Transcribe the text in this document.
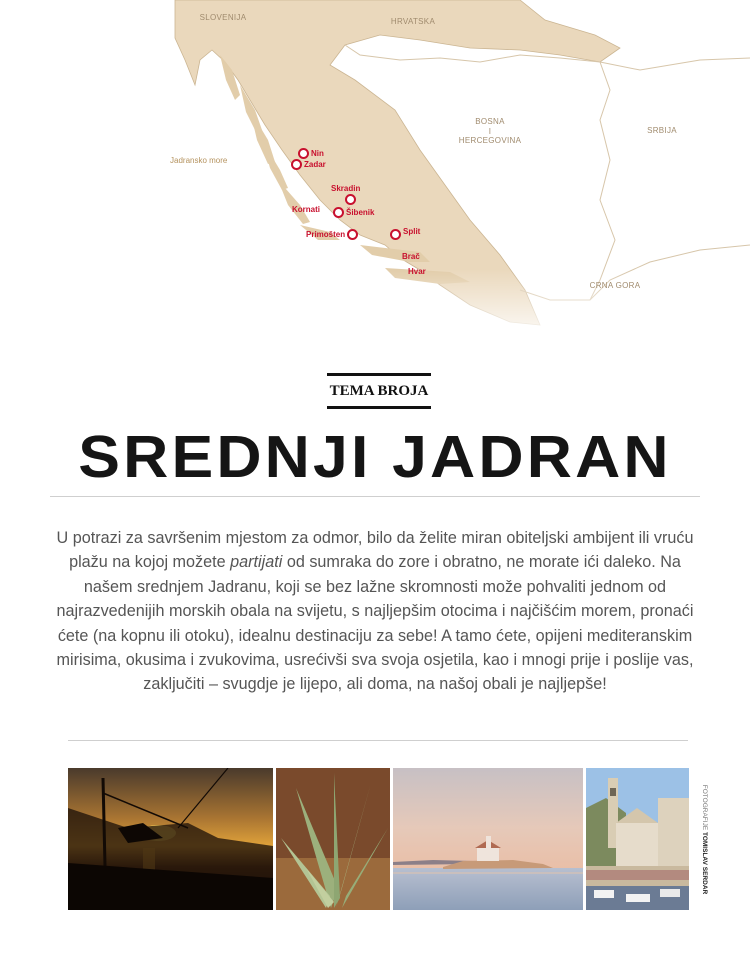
SLOVENIJA	HRVATSKA
BOSNA
I
HERCEGOVINA
SRBIJA
CRNA GORA
Jadransko more
Nin
Zadar
Skradin
Kornati	Šibenik
Primošten	Split
Brač
Hvar
TEMA BROJA
SREDNJI JADRAN
U potrazi za savršenim mjestom za odmor, bilo da želite miran obiteljski ambijent ili vruću plažu na kojoj možete partijati od sumraka do zore i obratno, ne morate ići daleko. Na našem srednjem Jadranu, koji se bez lažne skromnosti može pohvaliti jednom od najrazvedenijih morskih obala na svijetu, s najljepšim otocima i najčišćim morem, pronaći ćete (na kopnu ili otoku), idealnu destinaciju za sebe! A tamo ćete, opijeni mediteranskim mirisima, okusima i zvukovima, usrećivši sva svoja osjetila, kao i mnogi prije i poslije vas, zaključiti – svugdje je lijepo, ali doma, na našoj obali je najljepše!
FOTOGRAFIJE TOMISLAV SERDAR
